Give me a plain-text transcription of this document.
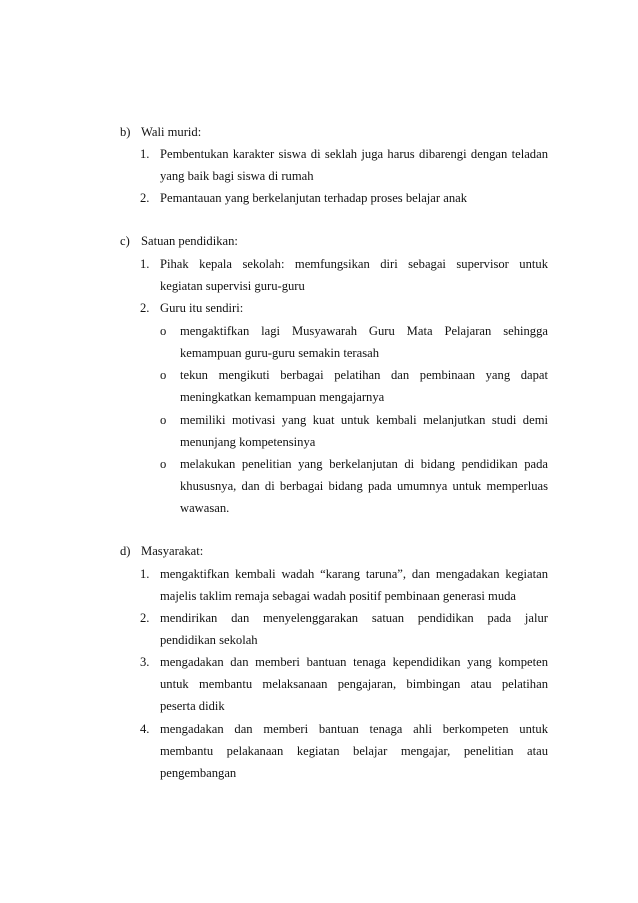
b) Wali murid:
1. Pembentukan karakter siswa di seklah juga harus dibarengi dengan teladan
yang baik bagi siswa di rumah
2. Pemantauan yang berkelanjutan terhadap proses belajar anak
c) Satuan pendidikan:
1. Pihak kepala sekolah: memfungsikan diri sebagai supervisor untuk
kegiatan supervisi guru-guru
2. Guru itu sendiri:
o mengaktifkan lagi Musyawarah Guru Mata Pelajaran sehingga
kemampuan guru-guru semakin terasah
o tekun mengikuti berbagai pelatihan dan pembinaan yang dapat
meningkatkan kemampuan mengajarnya
o memiliki motivasi yang kuat untuk kembali melanjutkan studi demi
menunjang kompetensinya
o melakukan penelitian yang berkelanjutan di bidang pendidikan pada
khususnya, dan di berbagai bidang pada umumnya untuk memperluas
wawasan.
d) Masyarakat:
1. mengaktifkan kembali wadah “karang taruna”, dan mengadakan kegiatan
majelis taklim remaja sebagai wadah positif pembinaan generasi muda
2. mendirikan dan menyelenggarakan satuan pendidikan pada jalur
pendidikan sekolah
3. mengadakan dan memberi bantuan tenaga kependidikan yang kompeten
untuk membantu melaksanaan pengajaran, bimbingan atau pelatihan
peserta didik
4. mengadakan dan memberi bantuan tenaga ahli berkompeten untuk
membantu pelakanaan kegiatan belajar mengajar, penelitian atau
pengembangan
